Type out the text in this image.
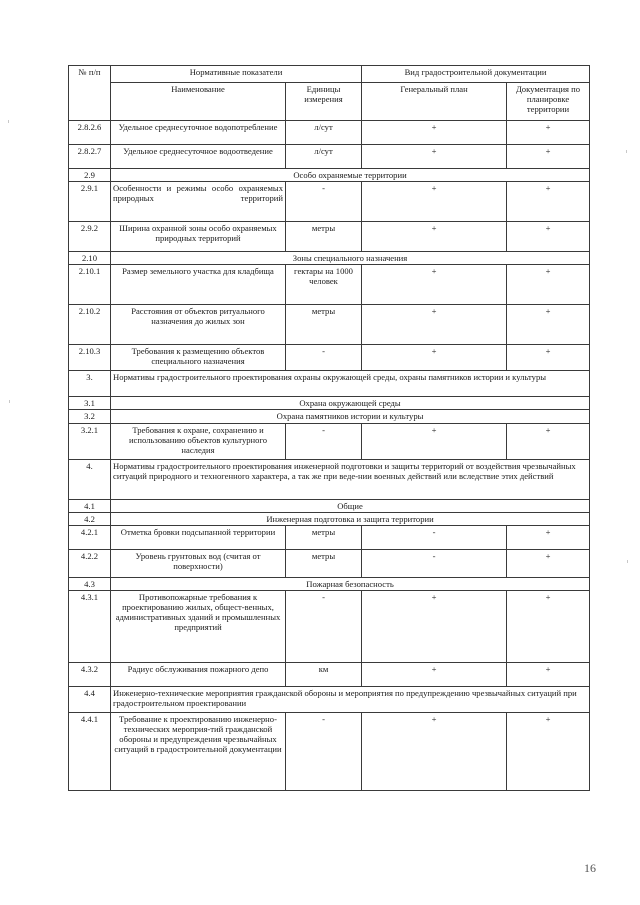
№ п/п	Нормативные показатели		Вид градостроительной документации	
	Наименование	Единицы измерения	Генеральный план	Документация по планировке территории
2.8.2.6	Удельное среднесуточное водопотребление	л/сут	+	+
2.8.2.7	Удельное среднесуточное водоотведение	л/сут	+	+
2.9	Особо охраняемые территории			
2.9.1	Особенности и режимы особо охраняемых природных территорий	-	+	+
2.9.2	Ширина охранной зоны особо охраняемых природных территорий	метры	+	+
2.10	Зоны специального назначения			
2.10.1	Размер земельного участка для кладбища	гектары на 1000 человек	+	+
2.10.2	Расстояния от объектов ритуального назначения до жилых зон	метры	+	+
2.10.3	Требования к размещению объектов специального назначения	-	+	+
3.	Нормативы градостроительного проектирования охраны окружающей среды, охраны памятников истории и культуры			
3.1	Охрана окружающей среды			
3.2	Охрана памятников истории и культуры			
3.2.1	Требования к охране, сохранению и использованию объектов культурного наследия	-	+	+
4.	Нормативы градостроительного проектирования инженерной подготовки и защиты территорий от воздействия чрезвычайных ситуаций природного и техногенного характера, а так же при веде-нии военных действий или вследствие этих действий			
4.1	Общие			
4.2	Инженерная подготовка и защита территории			
4.2.1	Отметка бровки подсыпанной территории	метры	-	+
4.2.2	Уровень грунтовых вод (считая от поверхности)	метры	-	+
4.3	Пожарная безопасность			
4.3.1	Противопожарные требования к проектированию жилых, общест-венных, административных зданий и промышленных предприятий	-	+	+
4.3.2	Радиус обслуживания пожарного депо	км	+	+
4.4	Инженерно-технические мероприятия гражданской обороны и мероприятия по предупреждению чрезвычайных ситуаций при градостроительном проектировании			
4.4.1	Требование к проектированию инженерно-технических мероприя-тий гражданской обороны и предупреждения чрезвычайных ситуаций в градостроительной документации	-	+	+
16
